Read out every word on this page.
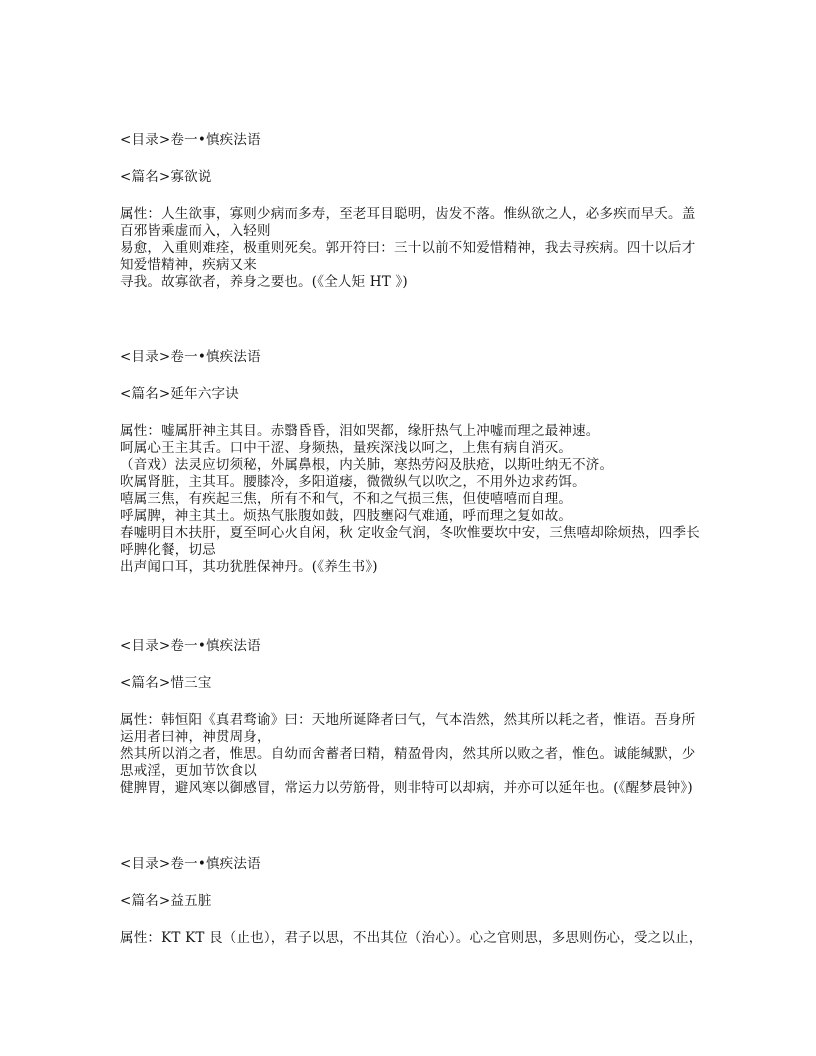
<目录>卷一•慎疾法语
<篇名>寡欲说
属性：人生欲事，寡则少病而多寿，至老耳目聪明，齿发不落。惟纵欲之人，必多疾而早夭。盖百邪皆乘虚而入，入轻则
易愈，入重则难痊，极重则死矣。郭开符曰：三十以前不知爱惜精神，我去寻疾病。四十以后才知爱惜精神，疾病又来
寻我。故寡欲者，养身之要也。(《全人矩 HT 》)
<目录>卷一•慎疾法语
<篇名>延年六字诀
属性：嘘属肝神主其目。赤翳昏昏，泪如哭都，缘肝热气上冲嘘而理之最神速。
呵属心王主其舌。口中干涩、身频热，量疾深浅以呵之，上焦有病自消灭。
（音戏）法灵应切须秘，外属鼻根，内关肺，寒热劳闷及肤疮，以斯吐纳无不济。
吹属肾脏，主其耳。腰膝冷，多阳道痿，微微纵气以吹之，不用外边求药饵。
嘻属三焦，有疾起三焦，所有不和气，不和之气损三焦，但使嘻嘻而自理。
呼属脾，神主其土。烦热气胀腹如鼓，四肢壅闷气难通，呼而理之复如故。
春嘘明目木扶肝，夏至呵心火自闲，秋 定收金气润，冬吹惟要坎中安，三焦嘻却除烦热，四季长呼脾化餐，切忌
出声闻口耳，其功犹胜保神丹。(《养生书》)
<目录>卷一•慎疾法语
<篇名>惜三宝
属性：韩恒阳《真君骛谕》曰：天地所诞降者曰气，气本浩然，然其所以耗之者，惟语。吾身所运用者曰神，神贯周身，
然其所以消之者，惟思。自幼而舍蓄者曰精，精盈骨肉，然其所以败之者，惟色。诚能缄默，少思戒淫，更加节饮食以
健脾胃，避风寒以御感冒，常运力以劳筋骨，则非特可以却病，并亦可以延年也。(《醒梦晨钟》)
<目录>卷一•慎疾法语
<篇名>益五脏
属性：KT KT 艮（止也），君子以思，不出其位（治心）。心之官则思，多思则伤心，受之以止，
